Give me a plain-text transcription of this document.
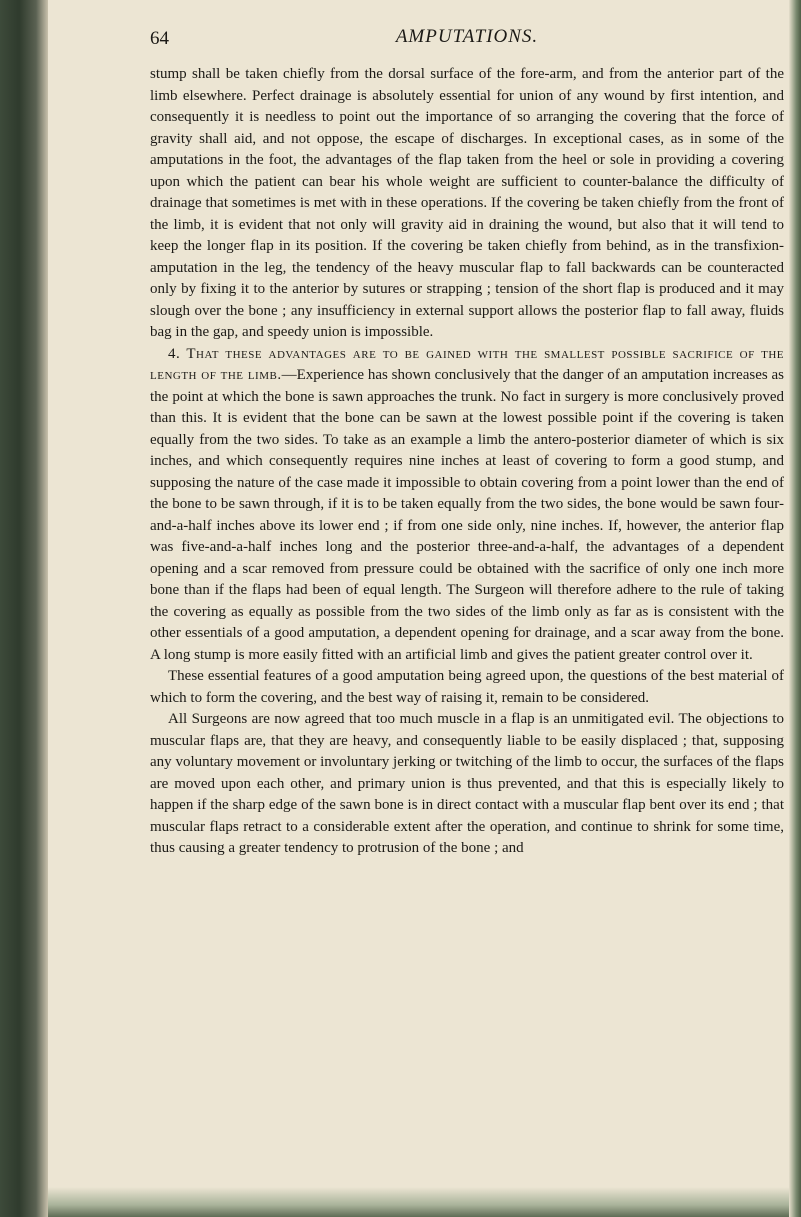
64	AMPUTATIONS.

stump shall be taken chiefly from the dorsal surface of the fore-arm, and from the anterior part of the limb elsewhere. Perfect drainage is absolutely essential for union of any wound by first intention, and consequently it is needless to point out the importance of so arranging the covering that the force of gravity shall aid, and not oppose, the escape of discharges. In exceptional cases, as in some of the amputations in the foot, the advantages of the flap taken from the heel or sole in providing a covering upon which the patient can bear his whole weight are sufficient to counter-balance the difficulty of drainage that sometimes is met with in these operations. If the covering be taken chiefly from the front of the limb, it is evident that not only will gravity aid in draining the wound, but also that it will tend to keep the longer flap in its position. If the covering be taken chiefly from behind, as in the transfixion-amputation in the leg, the tendency of the heavy muscular flap to fall backwards can be counteracted only by fixing it to the anterior by sutures or strapping ; tension of the short flap is produced and it may slough over the bone ; any insufficiency in external support allows the posterior flap to fall away, fluids bag in the gap, and speedy union is impossible.

4. That these advantages are to be gained with the smallest possible sacrifice of the length of the limb.—Experience has shown conclusively that the danger of an amputation increases as the point at which the bone is sawn approaches the trunk. No fact in surgery is more conclusively proved than this. It is evident that the bone can be sawn at the lowest possible point if the covering is taken equally from the two sides. To take as an example a limb the antero-posterior diameter of which is six inches, and which consequently requires nine inches at least of covering to form a good stump, and supposing the nature of the case made it impossible to obtain covering from a point lower than the end of the bone to be sawn through, if it is to be taken equally from the two sides, the bone would be sawn four-and-a-half inches above its lower end ; if from one side only, nine inches. If, however, the anterior flap was five-and-a-half inches long and the posterior three-and-a-half, the advantages of a dependent opening and a scar removed from pressure could be obtained with the sacrifice of only one inch more bone than if the flaps had been of equal length. The Surgeon will therefore adhere to the rule of taking the covering as equally as possible from the two sides of the limb only as far as is consistent with the other essentials of a good amputation, a dependent opening for drainage, and a scar away from the bone. A long stump is more easily fitted with an artificial limb and gives the patient greater control over it.

These essential features of a good amputation being agreed upon, the questions of the best material of which to form the covering, and the best way of raising it, remain to be considered.

All Surgeons are now agreed that too much muscle in a flap is an unmitigated evil. The objections to muscular flaps are, that they are heavy, and consequently liable to be easily displaced ; that, supposing any voluntary movement or involuntary jerking or twitching of the limb to occur, the surfaces of the flaps are moved upon each other, and primary union is thus prevented, and that this is especially likely to happen if the sharp edge of the sawn bone is in direct contact with a muscular flap bent over its end ; that muscular flaps retract to a considerable extent after the operation, and continue to shrink for some time, thus causing a greater tendency to protrusion of the bone ; and
